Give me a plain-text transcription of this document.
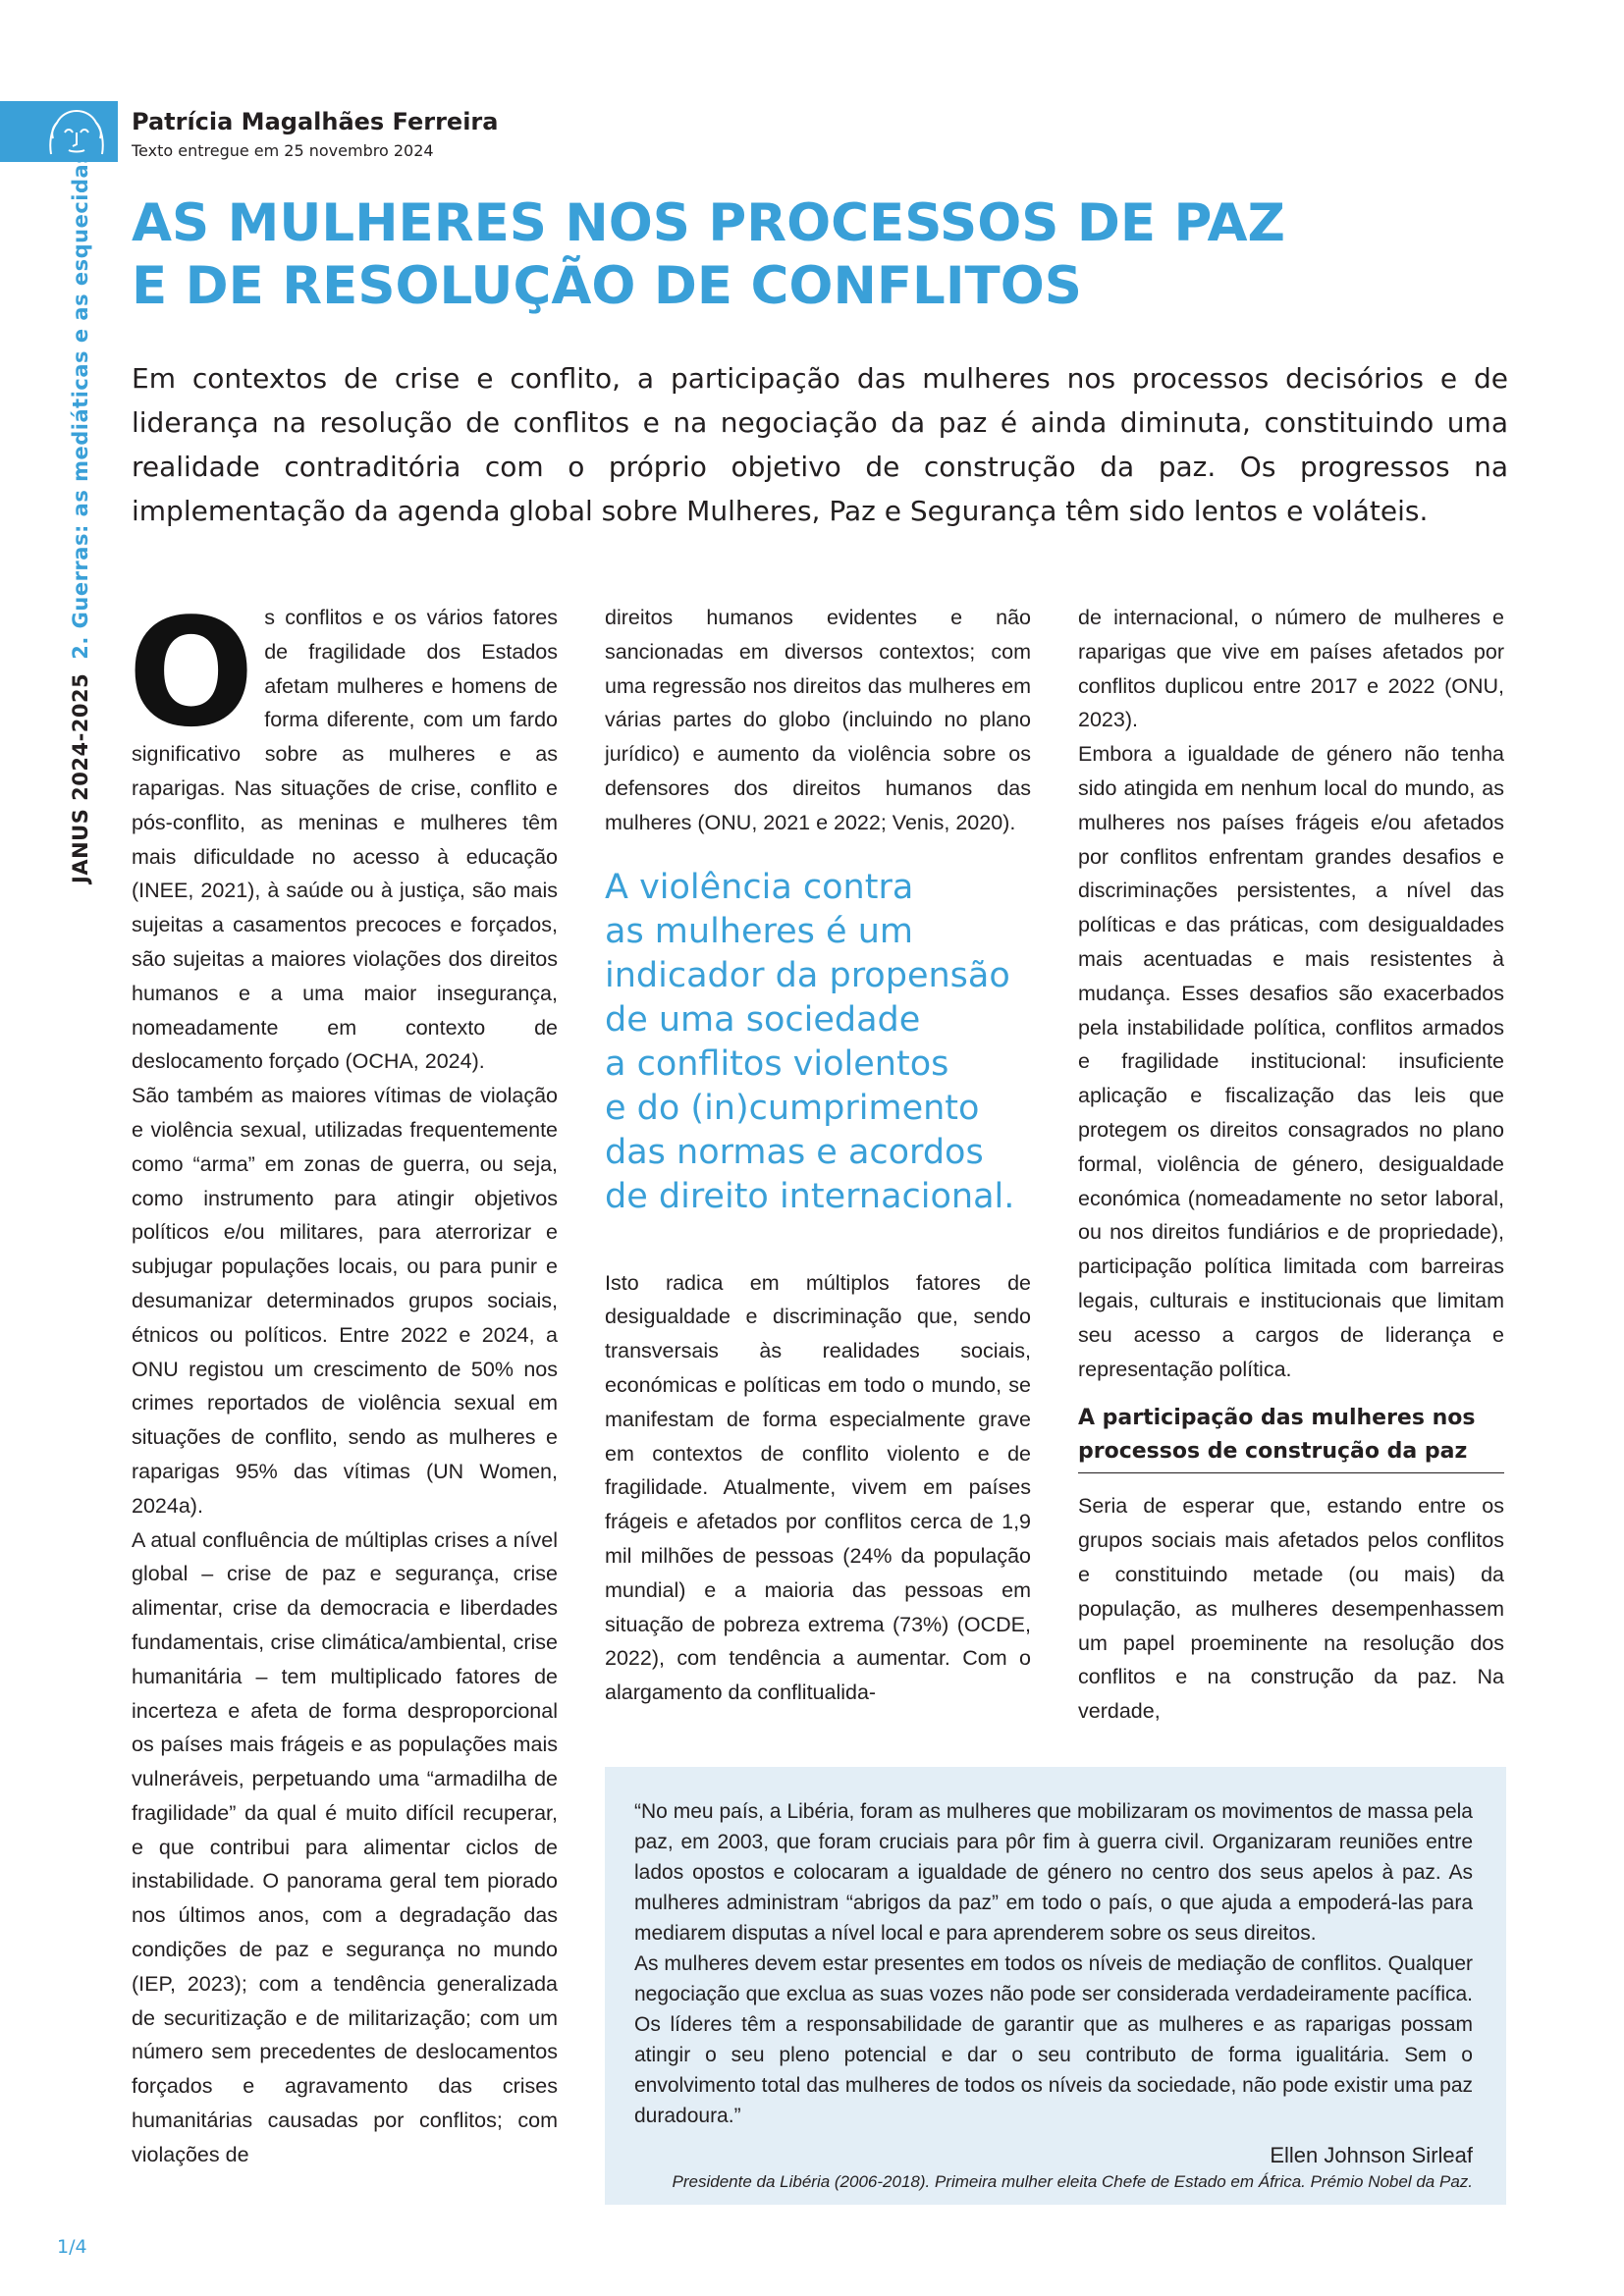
Patrícia Magalhães Ferreira
Texto entregue em 25 novembro 2024
JANUS 2024-20252. Guerras: as mediáticas e as esquecidas AS MULHERES NOS PROCESSOS DE PAZ
E DE RESOLUÇÃO DE CONFLITOS

Em contextos de crise e conflito, a participação das mulheres nos processos decisórios e de liderança na resolução de conflitos e na negociação da paz é ainda diminuta, constituindo uma realidade contraditória com o próprio objetivo de construção da paz. Os progressos na implementação da agenda global sobre Mulheres, Paz e Segurança têm sido lentos e voláteis.

Os conflitos e os vários fatores de fragilidade dos Estados afetam mulheres e homens de forma diferente, com um fardo significativo sobre as mulheres e as raparigas. Nas situações de crise, conflito e pós-conflito, as meninas e mulheres têm mais dificuldade no acesso à educação (INEE, 2021), à saúde ou à justiça, são mais sujeitas a casamentos precoces e forçados, são sujeitas a maiores violações dos direitos humanos e a uma maior insegurança, nomeadamente em contexto de deslocamento forçado (OCHA, 2024).

São também as maiores vítimas de violação e violência sexual, utilizadas frequentemente como “arma” em zonas de guerra, ou seja, como instrumento para atingir objetivos políticos e/ou militares, para aterrorizar e subjugar populações locais, ou para punir e desumanizar determinados grupos sociais, étnicos ou políticos. Entre 2022 e 2024, a ONU registou um crescimento de 50% nos crimes reportados de violência sexual em situações de conflito, sendo as mulheres e raparigas 95% das vítimas (UN Women, 2024a).

A atual confluência de múltiplas crises a nível global – crise de paz e segurança, crise alimentar, crise da democracia e liberdades fundamentais, crise climática/ambiental, crise humanitária – tem multiplicado fatores de incerteza e afeta de forma desproporcional os países mais frágeis e as populações mais vulneráveis, perpetuando uma “armadilha de fragilidade” da qual é muito difícil recuperar, e que contribui para alimentar ciclos de instabilidade. O panorama geral tem piorado nos últimos anos, com a degradação das condições de paz e segurança no mundo (IEP, 2023); com a tendência generalizada de securitização e de militarização; com um número sem precedentes de deslocamentos forçados e agravamento das crises humanitárias causadas por conflitos; com violações de

direitos humanos evidentes e não sancionadas em diversos contextos; com uma regressão nos direitos das mulheres em várias partes do globo (incluindo no plano jurídico) e aumento da violência sobre os defensores dos direitos humanos das mulheres (ONU, 2021 e 2022; Venis, 2020).

A violência contra
as mulheres é um
indicador da propensão
de uma sociedade
a conflitos violentos
e do (in)cumprimento
das normas e acordos
de direito internacional.

Isto radica em múltiplos fatores de desigualdade e discriminação que, sendo transversais às realidades sociais, económicas e políticas em todo o mundo, se manifestam de forma especialmente grave em contextos de conflito violento e de fragilidade. Atualmente, vivem em países frágeis e afetados por conflitos cerca de 1,9 mil milhões de pessoas (24% da população mundial) e a maioria das pessoas em situação de pobreza extrema (73%) (OCDE, 2022), com tendência a aumentar. Com o alargamento da conflitualida-

de internacional, o número de mulheres e raparigas que vive em países afetados por conflitos duplicou entre 2017 e 2022 (ONU, 2023).

Embora a igualdade de género não tenha sido atingida em nenhum local do mundo, as mulheres nos países frágeis e/ou afetados por conflitos enfrentam grandes desafios e discriminações persistentes, a nível das políticas e das práticas, com desigualdades mais acentuadas e mais resistentes à mudança. Esses desafios são exacerbados pela instabilidade política, conflitos armados e fragilidade institucional: insuficiente aplicação e fiscalização das leis que protegem os direitos consagrados no plano formal, violência de género, desigualdade económica (nomeadamente no setor laboral, ou nos direitos fundiários e de propriedade), participação política limitada com barreiras legais, culturais e institucionais que limitam seu acesso a cargos de liderança e representação política.

A participação das mulheres nos processos de construção da paz

Seria de esperar que, estando entre os grupos sociais mais afetados pelos conflitos e constituindo metade (ou mais) da população, as mulheres desempenhassem um papel proeminente na resolução dos conflitos e na construção da paz. Na verdade,

“No meu país, a Libéria, foram as mulheres que mobilizaram os movimentos de massa pela paz, em 2003, que foram cruciais para pôr fim à guerra civil. Organizaram reuniões entre lados opostos e colocaram a igualdade de género no centro dos seus apelos à paz. As mulheres administram “abrigos da paz” em todo o país, o que ajuda a empoderá-las para mediarem disputas a nível local e para aprenderem sobre os seus direitos.

As mulheres devem estar presentes em todos os níveis de mediação de conflitos. Qualquer negociação que exclua as suas vozes não pode ser considerada verdadeiramente pacífica. Os líderes têm a responsabilidade de garantir que as mulheres e as raparigas possam atingir o seu pleno potencial e dar o seu contributo de forma igualitária. Sem o envolvimento total das mulheres de todos os níveis da sociedade, não pode existir uma paz duradoura.”

Ellen Johnson Sirleaf
Presidente da Libéria (2006-2018). Primeira mulher eleita Chefe de Estado em África. Prémio Nobel da Paz.
1/4
